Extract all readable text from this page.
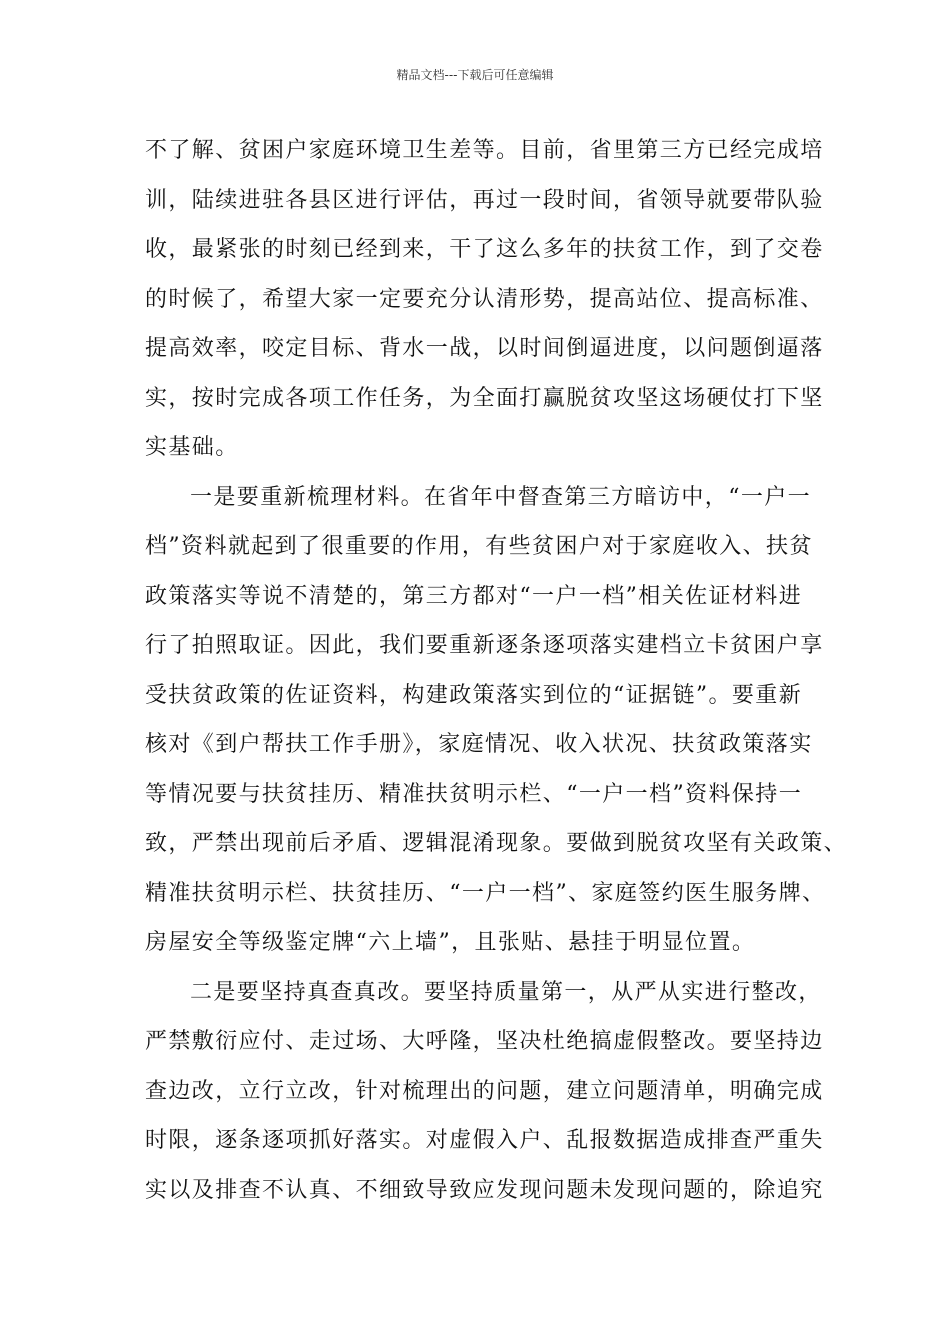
精品文档---下载后可任意编辑
不了解、贫困户家庭环境卫生差等。目前，省里第三方已经完成培
训，陆续进驻各县区进行评估，再过一段时间，省领导就要带队验
收，最紧张的时刻已经到来，干了这么多年的扶贫工作，到了交卷
的时候了，希望大家一定要充分认清形势，提高站位、提高标准、
提高效率，咬定目标、背水一战，以时间倒逼进度，以问题倒逼落
实，按时完成各项工作任务，为全面打赢脱贫攻坚这场硬仗打下坚
实基础。
一是要重新梳理材料。在省年中督查第三方暗访中，“一户一
档”资料就起到了很重要的作用，有些贫困户对于家庭收入、扶贫
政策落实等说不清楚的，第三方都对“一户一档”相关佐证材料进
行了拍照取证。因此，我们要重新逐条逐项落实建档立卡贫困户享
受扶贫政策的佐证资料，构建政策落实到位的“证据链”。要重新
核对《到户帮扶工作手册》，家庭情况、收入状况、扶贫政策落实
等情况要与扶贫挂历、精准扶贫明示栏、“一户一档”资料保持一
致，严禁出现前后矛盾、逻辑混淆现象。要做到脱贫攻坚有关政策、
精准扶贫明示栏、扶贫挂历、“一户一档”、家庭签约医生服务牌、
房屋安全等级鉴定牌“六上墙”，且张贴、悬挂于明显位置。
二是要坚持真查真改。要坚持质量第一，从严从实进行整改，
严禁敷衍应付、走过场、大呼隆，坚决杜绝搞虚假整改。要坚持边
查边改，立行立改，针对梳理出的问题，建立问题清单，明确完成
时限，逐条逐项抓好落实。对虚假入户、乱报数据造成排查严重失
实以及排查不认真、不细致导致应发现问题未发现问题的，除追究
